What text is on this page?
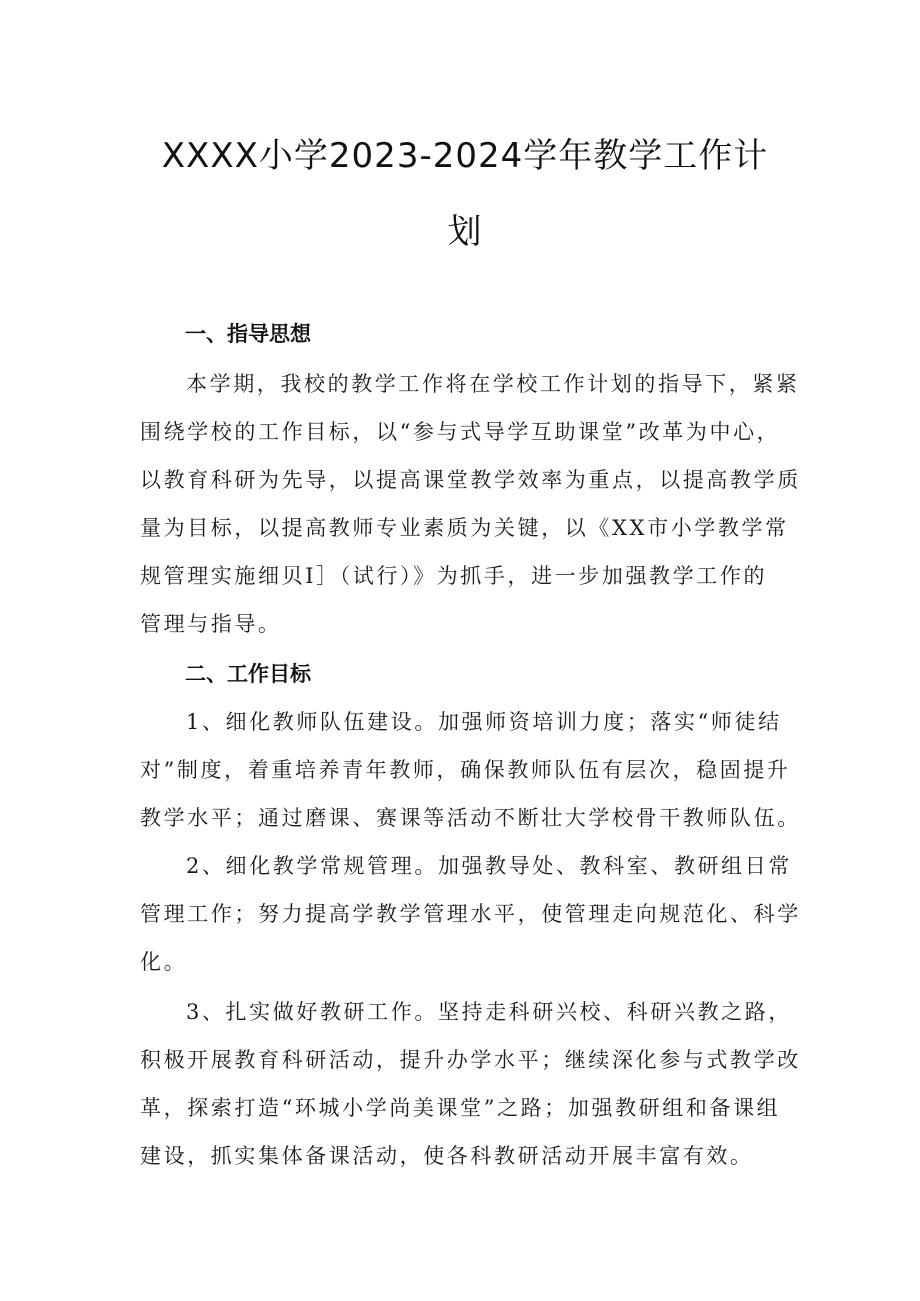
XXXX小学2023-2024学年教学工作计
划
一、指导思想
本学期，我校的教学工作将在学校工作计划的指导下，紧紧
围绕学校的工作目标，以“参与式导学互助课堂”改革为中心，
以教育科研为先导，以提高课堂教学效率为重点，以提高教学质
量为目标，以提高教师专业素质为关键，以《XX市小学教学常
规管理实施细贝I］（试行）》为抓手，进一步加强教学工作的
管理与指导。
二、工作目标
1、细化教师队伍建设。加强师资培训力度；落实“师徒结
对”制度，着重培养青年教师，确保教师队伍有层次，稳固提升
教学水平；通过磨课、赛课等活动不断壮大学校骨干教师队伍。
2、细化教学常规管理。加强教导处、教科室、教研组日常
管理工作；努力提高学教学管理水平，使管理走向规范化、科学
化。
3、扎实做好教研工作。坚持走科研兴校、科研兴教之路，
积极开展教育科研活动，提升办学水平；继续深化参与式教学改
革，探索打造“环城小学尚美课堂”之路；加强教研组和备课组
建设，抓实集体备课活动，使各科教研活动开展丰富有效。
